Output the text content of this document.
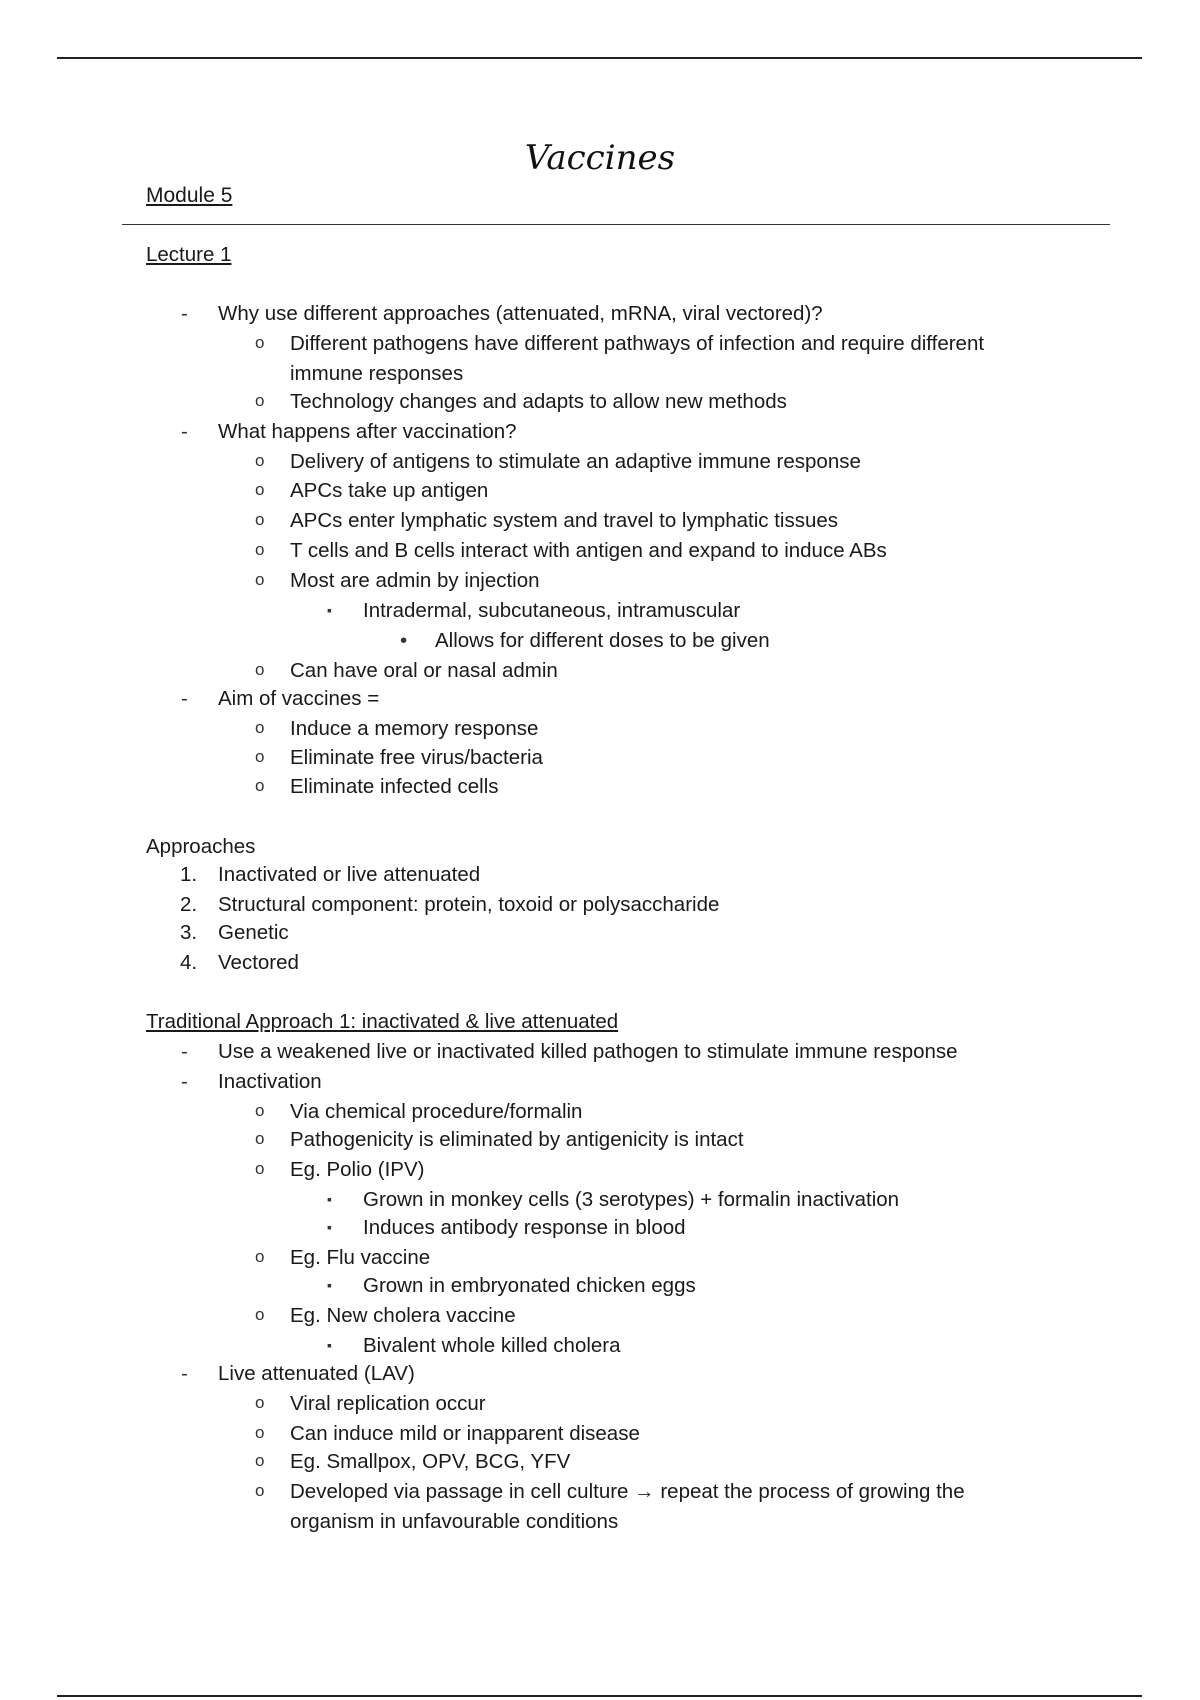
Vaccines
Module 5
Lecture 1
- Why use different approaches (attenuated, mRNA, viral vectored)?
o Different pathogens have different pathways of infection and require different
immune responses
o Technology changes and adapts to allow new methods
- What happens after vaccination?
o Delivery of antigens to stimulate an adaptive immune response
o APCs take up antigen
o APCs enter lymphatic system and travel to lymphatic tissues
o T cells and B cells interact with antigen and expand to induce ABs
o Most are admin by injection
▪ Intradermal, subcutaneous, intramuscular
• Allows for different doses to be given
o Can have oral or nasal admin
- Aim of vaccines =
o Induce a memory response
o Eliminate free virus/bacteria
o Eliminate infected cells
Approaches
1. Inactivated or live attenuated
2. Structural component: protein, toxoid or polysaccharide
3. Genetic
4. Vectored
Traditional Approach 1: inactivated & live attenuated
- Use a weakened live or inactivated killed pathogen to stimulate immune response
- Inactivation
o Via chemical procedure/formalin
o Pathogenicity is eliminated by antigenicity is intact
o Eg. Polio (IPV)
▪ Grown in monkey cells (3 serotypes) + formalin inactivation
▪ Induces antibody response in blood
o Eg. Flu vaccine
▪ Grown in embryonated chicken eggs
o Eg. New cholera vaccine
▪ Bivalent whole killed cholera
- Live attenuated (LAV)
o Viral replication occur
o Can induce mild or inapparent disease
o Eg. Smallpox, OPV, BCG, YFV
o Developed via passage in cell culture → repeat the process of growing the
organism in unfavourable conditions
